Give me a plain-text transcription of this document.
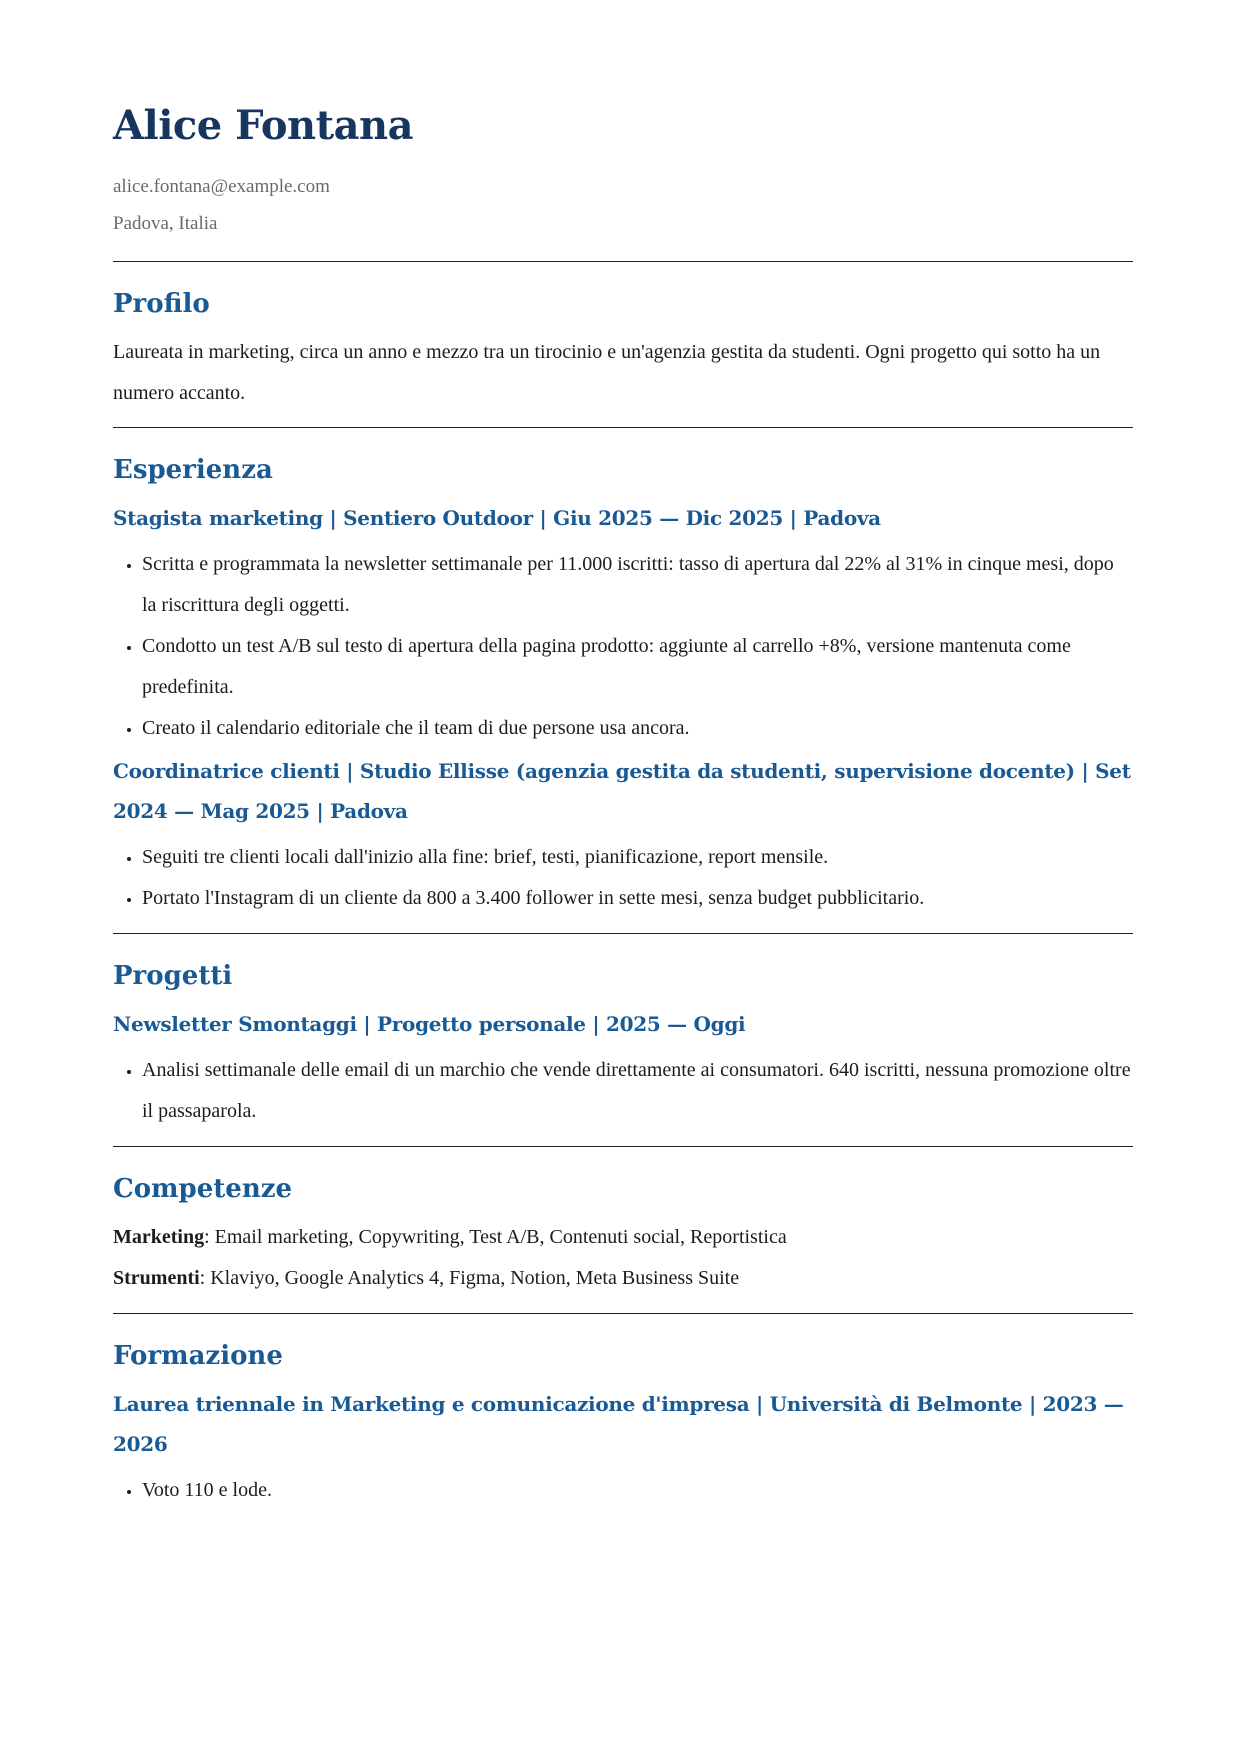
Alice Fontana
alice.fontana@example.com
Padova, Italia
Profilo
Laureata in marketing, circa un anno e mezzo tra un tirocinio e un'agenzia gestita da studenti. Ogni progetto qui sotto ha un numero accanto.
Esperienza
Stagista marketing | Sentiero Outdoor | Giu 2025 — Dic 2025 | Padova
• Scritta e programmata la newsletter settimanale per 11.000 iscritti: tasso di apertura dal 22% al 31% in cinque mesi, dopo la riscrittura degli oggetti.
• Condotto un test A/B sul testo di apertura della pagina prodotto: aggiunte al carrello +8%, versione mantenuta come predefinita.
• Creato il calendario editoriale che il team di due persone usa ancora.
Coordinatrice clienti | Studio Ellisse (agenzia gestita da studenti, supervisione docente) | Set 2024 — Mag 2025 | Padova
• Seguiti tre clienti locali dall'inizio alla fine: brief, testi, pianificazione, report mensile.
• Portato l'Instagram di un cliente da 800 a 3.400 follower in sette mesi, senza budget pubblicitario.
Progetti
Newsletter Smontaggi | Progetto personale | 2025 — Oggi
• Analisi settimanale delle email di un marchio che vende direttamente ai consumatori. 640 iscritti, nessuna promozione oltre il passaparola.
Competenze
Marketing: Email marketing, Copywriting, Test A/B, Contenuti social, Reportistica
Strumenti: Klaviyo, Google Analytics 4, Figma, Notion, Meta Business Suite
Formazione
Laurea triennale in Marketing e comunicazione d'impresa | Università di Belmonte | 2023 — 2026
• Voto 110 e lode.
